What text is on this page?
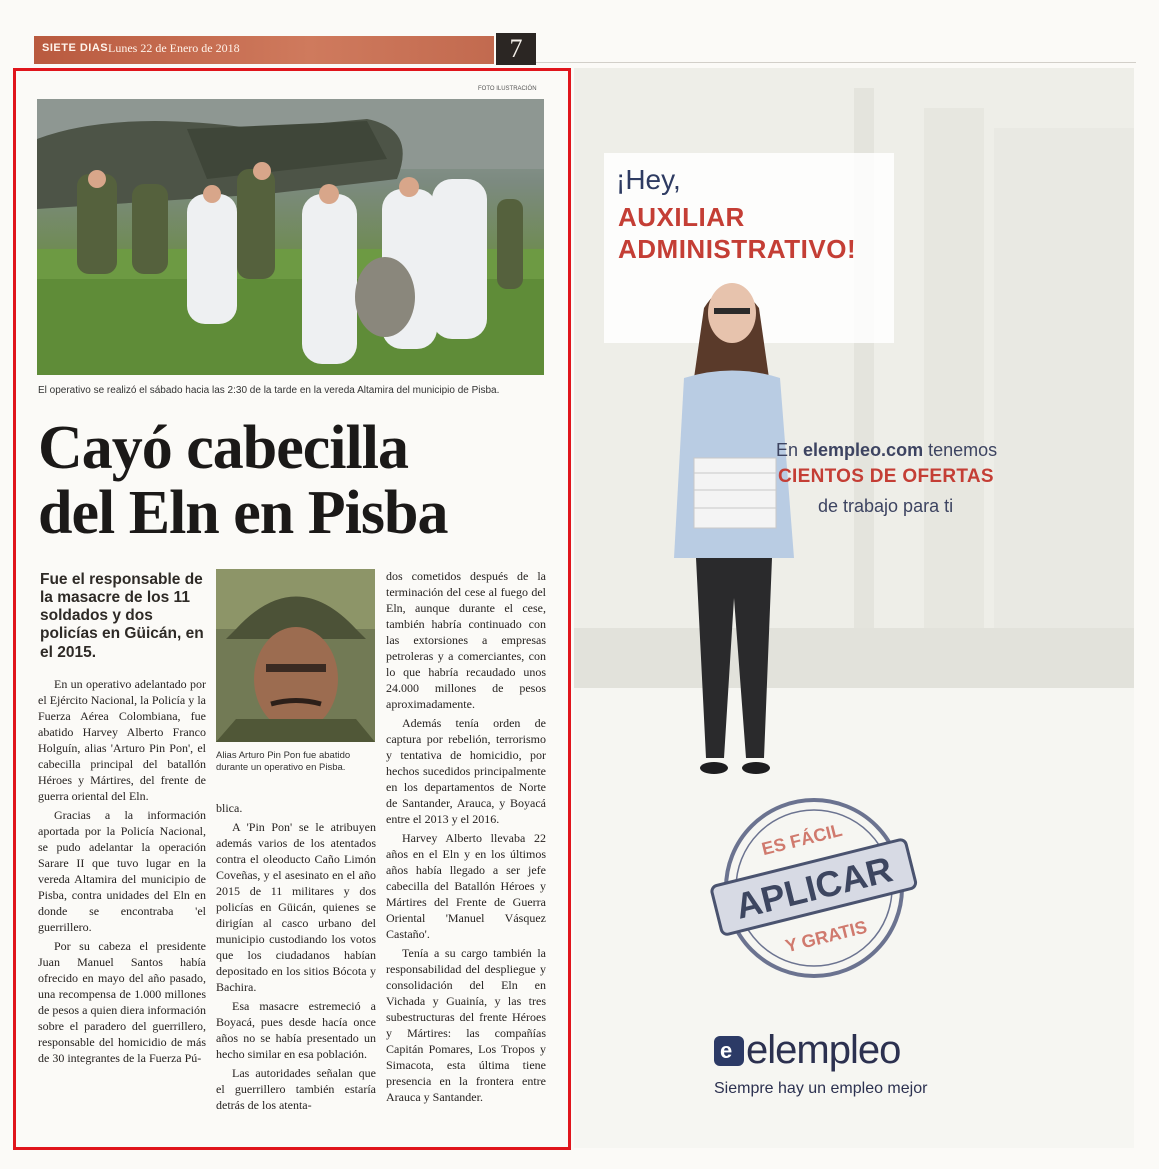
SIETE DIAS Lunes 22 de Enero de 2018	7
FOTO ILUSTRACIÓN
El operativo se realizó el sábado hacia las 2:30 de la tarde en la vereda Altamira del municipio de Pisba.
Cayó cabecilla
del Eln en Pisba
Fue el responsable de la masacre de los 11 soldados y dos policías en Güicán, en el 2015.
Alias Arturo Pin Pon fue abatido durante un operativo en Pisba.

En un operativo adelantado por el Ejército Nacional, la Policía y la Fuerza Aérea Colombiana, fue abatido Harvey Alberto Franco Holguín, alias 'Arturo Pin Pon', el cabecilla principal del batallón Héroes y Mártires, del frente de guerra oriental del Eln.

Gracias a la información aportada por la Policía Nacional, se pudo adelantar la operación Sarare II que tuvo lugar en la vereda Altamira del municipio de Pisba, contra unidades del Eln en donde se encontraba 'el guerrillero.

Por su cabeza el presidente Juan Manuel Santos había ofrecido en mayo del año pasado, una recompensa de 1.000 millones de pesos a quien diera información sobre el paradero del guerrillero, responsable del homicidio de más de 30 integrantes de la Fuerza Pú-

blica.

A 'Pin Pon' se le atribuyen además varios de los atentados contra el oleoducto Caño Limón Coveñas, y el asesinato en el año 2015 de 11 militares y dos policías en Güicán, quienes se dirigían al casco urbano del municipio custodiando los votos que los ciudadanos habían depositado en los sitios Bócota y Bachira.

Esa masacre estremeció a Boyacá, pues desde hacía once años no se había presentado un hecho similar en esa población.

Las autoridades señalan que el guerrillero también estaría detrás de los atenta-

dos cometidos después de la terminación del cese al fuego del Eln, aunque durante el cese, también habría continuado con las extorsiones a empresas petroleras y a comerciantes, con lo que habría recaudado unos 24.000 millones de pesos aproximadamente.

Además tenía orden de captura por rebelión, terrorismo y tentativa de homicidio, por hechos sucedidos principalmente en los departamentos de Norte de Santander, Arauca, y Boyacá entre el 2013 y el 2016.

Harvey Alberto llevaba 22 años en el Eln y en los últimos años había llegado a ser jefe cabecilla del Batallón Héroes y Mártires del Frente de Guerra Oriental 'Manuel Vásquez Castaño'.

Tenía a su cargo también la responsabilidad del despliegue y consolidación del Eln en Vichada y Guainía, y las tres subestructuras del frente Héroes y Mártires: las compañías Capitán Pomares, Los Tropos y Simacota, esta última tiene presencia en la frontera entre Arauca y Santander.

¡Hey,
AUXILIAR
ADMINISTRATIVO!
En elempleo.com tenemos
CIENTOS DE OFERTAS
de trabajo para ti
APLICAR
ES FÁCIL
Y GRATIS
e elempleo
Siempre hay un empleo mejor
